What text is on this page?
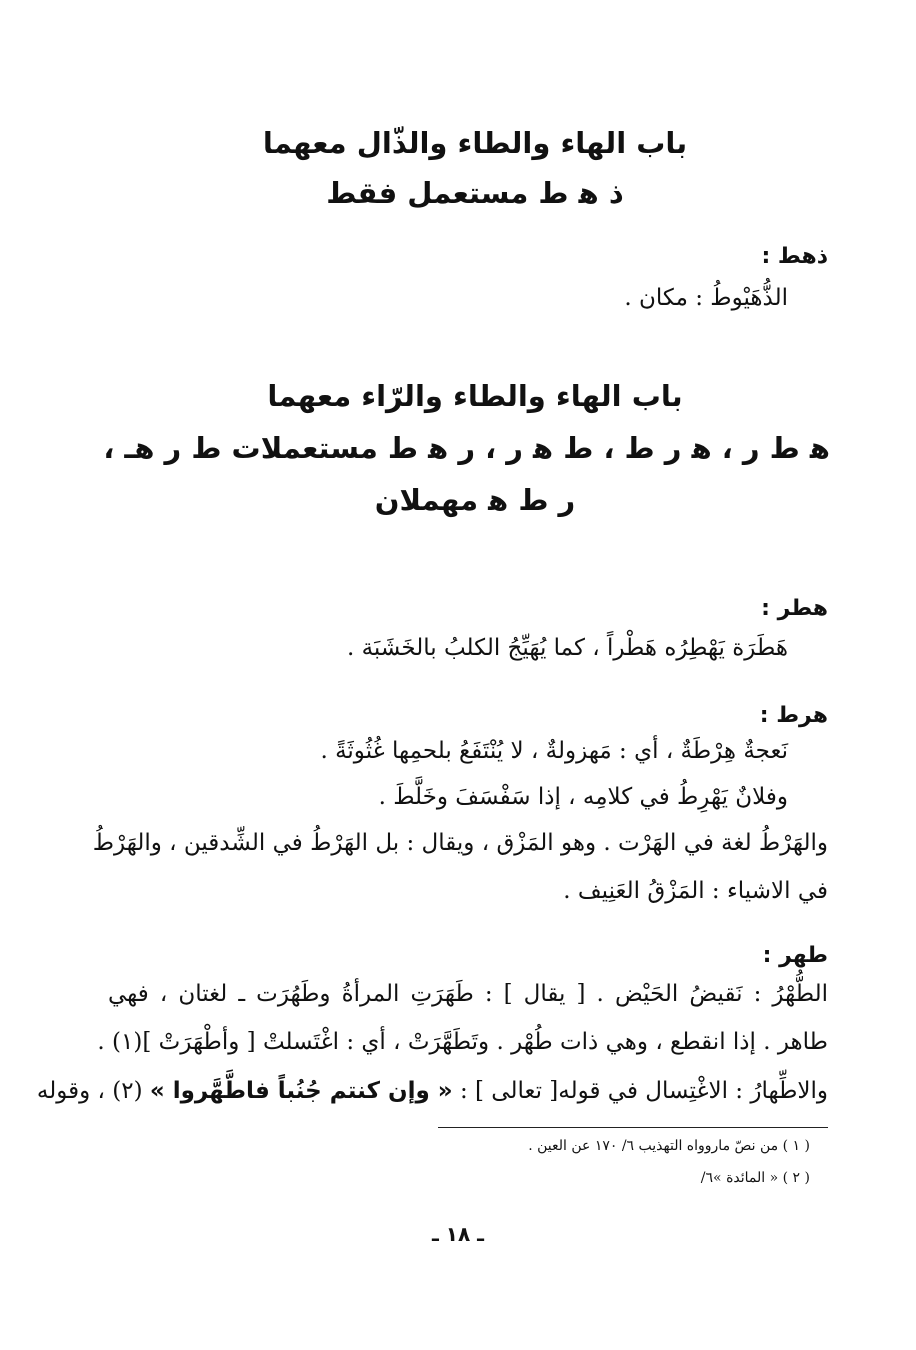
باب الهاء والطاء والذّال معهما
ذ ﻫ ط مستعمل فقط
ذهط :
الذُّهَيْوطُ : مكان .
باب الهاء والطاء والرّاء معهما
ﻫ ط ر ، ﻫ ر ط ، ط ﻫ ر ، ر ﻫ ط مستعملات ط ر ﻫـ ،
ر ط ﻫ مهملان
هطر :
هَطَرَة يَهْطِرُه هَطْراً ، كما يُهَيِّجُ الكلبُ بالخَشَبَة .
هرط :
نَعجةٌ هِرْطَةٌ ، أي : مَهزولةٌ ، لا يُنْتَفَعُ بلحمِها غُثُوثَةً .
وفلانٌ يَهْرِطُ في كلامِه ، إذا سَفْسَفَ وخَلَّطَ .
والهَرْطُ لغة في الهَرْت . وهو المَزْق ، ويقال : بل الهَرْطُ في الشِّدقين ، والهَرْطُ
في الاشياء : المَزْقُ العَنِيف .
طهر :
الطُّهْرُ : نَقيضُ الحَيْض . [ يقال ] : طَهَرَتِ المرأةُ وطَهُرَت ـ لغتان ، فهي
طاهر . إذا انقطع ، وهي ذات طُهْر . وتَطَهَّرَتْ ، أي : اغْتَسلتْ [ وأطْهَرَتْ ](١) .
والاطِّهارُ : الاغْتِسال في قوله[ تعالى ] : « وإن كنتم جُنُباً فاطَّهَّروا » (٢) ، وقوله
( ١ ) من نصّ ماروواه التهذيب ٦/ ١٧٠ عن العين .
( ٢ ) « المائدة »٦/
ـ ١٨ ـ
